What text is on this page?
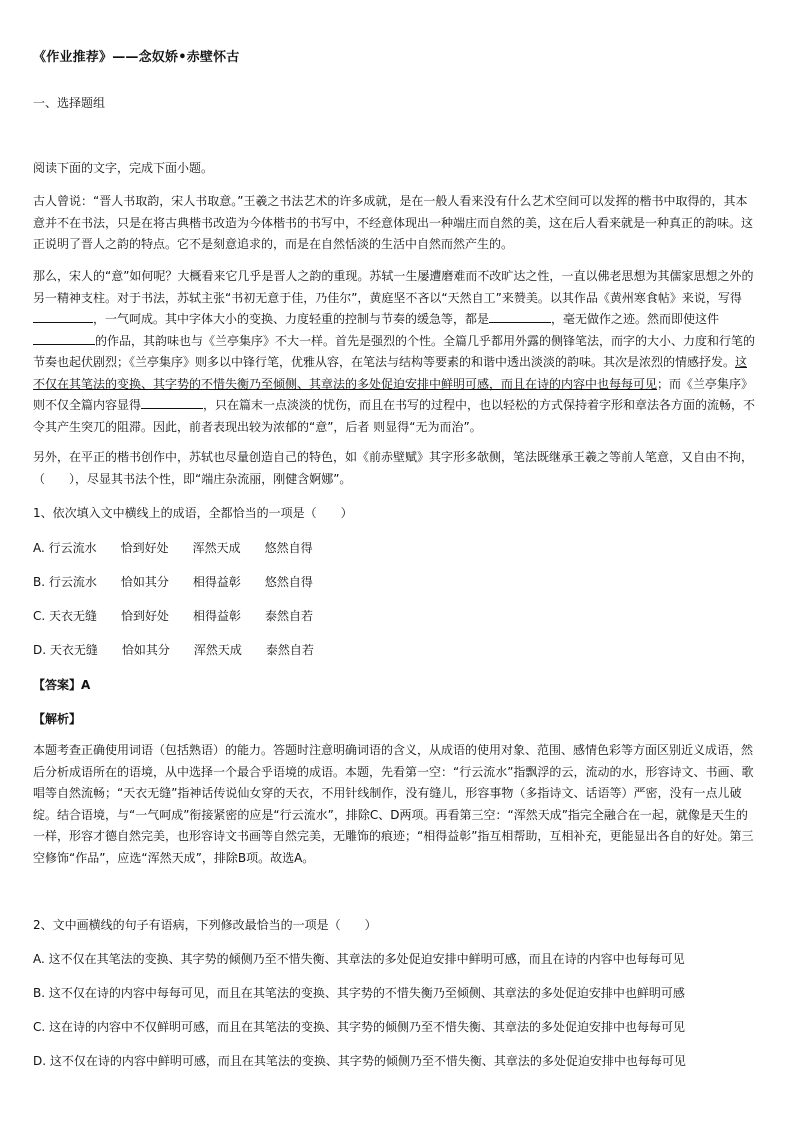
《作业推荐》——念奴娇•赤壁怀古
一、选择题组
阅读下面的文字，完成下面小题。
古人曾说：“晋人书取韵，宋人书取意。”王羲之书法艺术的许多成就，是在一般人看来没有什么艺术空间可以发挥的楷书中取得的，其本意并不在书法，只是在将古典楷书改造为今体楷书的书写中，不经意体现出一种端庄而自然的美，这在后人看来就是一种真正的韵味。这正说明了晋人之韵的特点。它不是刻意追求的，而是在自然恬淡的生活中自然而然产生的。
那么，宋人的“意”如何呢？大概看来它几乎是晋人之韵的重现。苏轼一生屡遭磨难而不改旷达之性，一直以佛老思想为其儒家思想之外的另一精神支柱。对于书法，苏轼主张“书初无意于佳，乃佳尔”，黄庭坚不吝以“天然自工”来赞美。以其作品《黄州寒食帖》来说，写得，一气呵成。其中字体大小的变换、力度轻重的控制与节奏的缓急等，都是	，毫无做作之迹。然而即使这件的作品，其韵味也与《兰亭集序》不大一样。首先是强烈的个性。全篇几乎都用外露的侧锋笔法，而字的大小、力度和行笔的节奏也起伏剧烈；《兰亭集序》则多以中锋行笔，优雅从容，在笔法与结构等要素的和谐中透出淡淡的韵味。其次是浓烈的情感抒发。这不仅在其笔法的变换、其字势的不惜失衡乃至倾侧、其章法的多处促迫安排中鲜明可感，而且在诗的内容中也每每可见；而《兰亭集序》则不仅全篇内容显得	，只在篇末一点淡淡的忧伤，而且在书写的过程中，也以轻松的方式保持着字形和章法各方面的流畅，不令其产生突兀的阻滞。因此，前者表现出较为浓郁的“意”，后者 则显得“无为而治”。
另外，在平正的楷书创作中，苏轼也尽量创造自己的特色，如《前赤壁赋》其字形多欹侧，笔法既继承王羲之等前人笔意，又自由不拘，（　　），尽显其书法个性，即“端庄杂流丽，刚健含婀娜”。
1、依次填入文中横线上的成语，全都恰当的一项是（　　）
A. 行云流水　　恰到好处　　浑然天成　　悠然自得
B. 行云流水　　恰如其分　　相得益彰　　悠然自得
C. 天衣无缝　　恰到好处　　相得益彰　　泰然自若
D. 天衣无缝　　恰如其分　　浑然天成　　泰然自若
【答案】A
【解析】
本题考查正确使用词语（包括熟语）的能力。答题时注意明确词语的含义，从成语的使用对象、范围、感情色彩等方面区别近义成语，然后分析成语所在的语境，从中选择一个最合乎语境的成语。本题，先看第一空：“行云流水”指飘浮的云，流动的水，形容诗文、书画、歌唱等自然流畅；“天衣无缝”指神话传说仙女穿的天衣，不用针线制作，没有缝儿，形容事物（多指诗文、话语等）严密，没有一点儿破绽。结合语境，与“一气呵成”衔接紧密的应是“行云流水”，排除C、D两项。再看第三空：“浑然天成”指完全融合在一起，就像是天生的一样，形容才德自然完美，也形容诗文书画等自然完美，无雕饰的痕迹；“相得益彰”指互相帮助，互相补充，更能显出各自的好处。第三空修饰“作品”，应选“浑然天成”，排除B项。故选A。
2、文中画横线的句子有语病，下列修改最恰当的一项是（　　）
A. 这不仅在其笔法的变换、其字势的倾侧乃至不惜失衡、其章法的多处促迫安排中鲜明可感，而且在诗的内容中也每每可见
B. 这不仅在诗的内容中每每可见，而且在其笔法的变换、其字势的不惜失衡乃至倾侧、其章法的多处促迫安排中也鲜明可感
C. 这在诗的内容中不仅鲜明可感，而且在其笔法的变换、其字势的倾侧乃至不惜失衡、其章法的多处促迫安排中也每每可见
D. 这不仅在诗的内容中鲜明可感，而且在其笔法的变换、其字势的倾侧乃至不惜失衡、其章法的多处促迫安排中也每每可见
